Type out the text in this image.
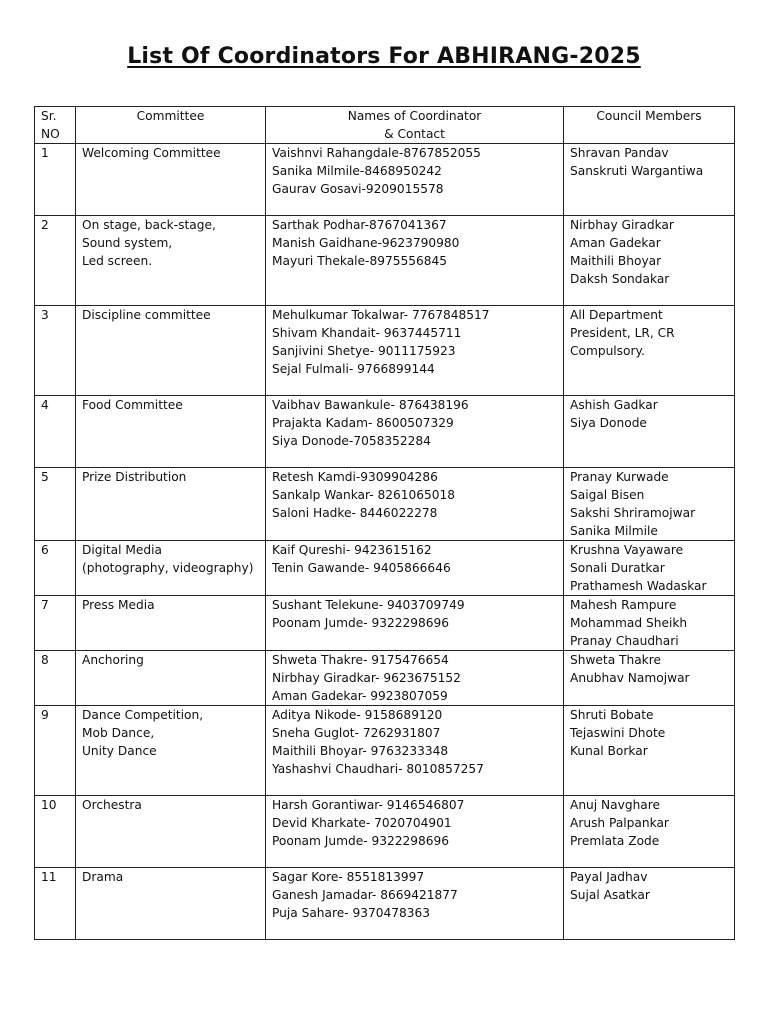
List Of Coordinators For ABHIRANG-2025
Sr.
NO	Committee	Names of Coordinator
& Contact	Council Members

1	Welcoming Committee	Vaishnvi Rahangdale-8767852055
Sanika Milmile-8468950242
Gaurav Gosavi-9209015578	Shravan Pandav
Sanskruti Wargantiwa

2	On stage, back-stage,
Sound system,
Led screen.	Sarthak Podhar-8767041367
Manish Gaidhane-9623790980
Mayuri Thekale-8975556845	Nirbhay Giradkar
Aman Gadekar
Maithili Bhoyar
Daksh Sondakar

3	Discipline committee	Mehulkumar Tokalwar- 7767848517
Shivam Khandait- 9637445711
Sanjivini Shetye- 9011175923
Sejal Fulmali- 9766899144	All Department
President, LR, CR
Compulsory.

4	Food Committee	Vaibhav Bawankule- 876438196
Prajakta Kadam- 8600507329
Siya Donode-7058352284	Ashish Gadkar
Siya Donode

5	Prize Distribution	Retesh Kamdi-9309904286
Sankalp Wankar- 8261065018
Saloni Hadke- 8446022278	Pranay Kurwade
Saigal Bisen
Sakshi Shriramojwar
Sanika Milmile

6	Digital Media
(photography, videography)	Kaif Qureshi- 9423615162
Tenin Gawande- 9405866646	Krushna Vayaware
Sonali Duratkar
Prathamesh Wadaskar

7	Press Media	Sushant Telekune- 9403709749
Poonam Jumde- 9322298696	Mahesh Rampure
Mohammad Sheikh
Pranay Chaudhari

8	Anchoring	Shweta Thakre- 9175476654
Nirbhay Giradkar- 9623675152
Aman Gadekar- 9923807059	Shweta Thakre
Anubhav Namojwar

9	Dance Competition,
Mob Dance,
Unity Dance	Aditya Nikode- 9158689120
Sneha Guglot- 7262931807
Maithili Bhoyar- 9763233348
Yashashvi Chaudhari- 8010857257	Shruti Bobate
Tejaswini Dhote
Kunal Borkar

10	Orchestra	Harsh Gorantiwar- 9146546807
Devid Kharkate- 7020704901
Poonam Jumde- 9322298696	Anuj Navghare
Arush Palpankar
Premlata Zode

11	Drama	Sagar Kore- 8551813997
Ganesh Jamadar- 8669421877
Puja Sahare- 9370478363	Payal Jadhav
Sujal Asatkar
